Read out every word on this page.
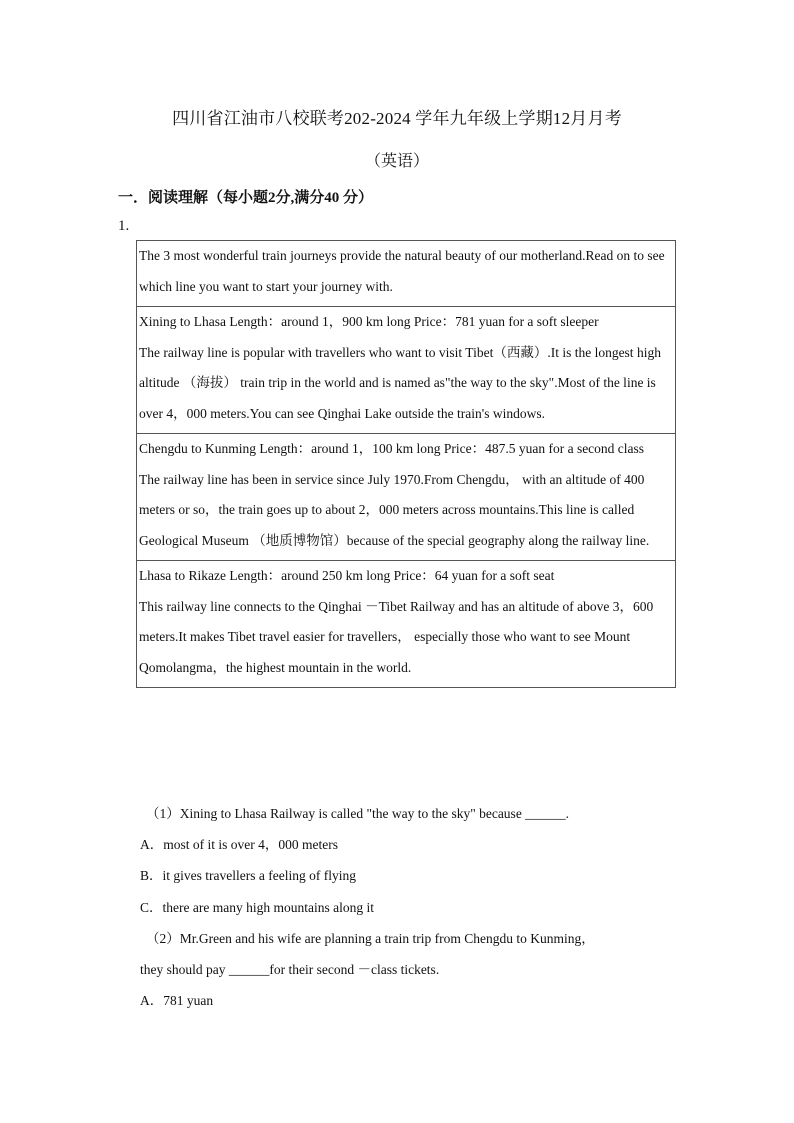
四川省江油市八校联考202-2024 学年九年级上学期12月月考
（英语）
一．阅读理解（每小题2分,满分40 分）
1.
The 3 most wonderful train journeys provide the natural beauty of our motherland.Read on to see which line you want to start your journey with.

Xining to Lhasa Length：around 1，900 km long Price：781 yuan for a soft sleeper

The railway line is popular with travellers who want to visit Tibet（西藏）.It is the longest high altitude （海拔） train trip in the world and is named as"the way to the sky".Most of the line is over 4，000 meters.You can see Qinghai Lake outside the train's windows.

Chengdu to Kunming Length：around 1，100 km long Price：487.5 yuan for a second class

The railway line has been in service since July 1970.From Chengdu， with an altitude of 400 meters or so，the train goes up to about 2，000 meters across mountains.This line is called Geological Museum （地质博物馆）because of the special geography along the railway line.

Lhasa to Rikaze Length：around 250 km long Price：64 yuan for a soft seat

This railway line connects to the Qinghai －Tibet Railway and has an altitude of above 3，600 meters.It makes Tibet travel easier for travellers， especially those who want to see Mount Qomolangma，the highest mountain in the world.

（1）Xining to Lhasa Railway is called "the way to the sky" because ______.
A．most of it is over 4，000 meters
B．it gives travellers a feeling of flying
C．there are many high mountains along it
（2）Mr.Green and his wife are planning a train trip from Chengdu to Kunming，
they should pay ______for their second －class tickets.
A．781 yuan
